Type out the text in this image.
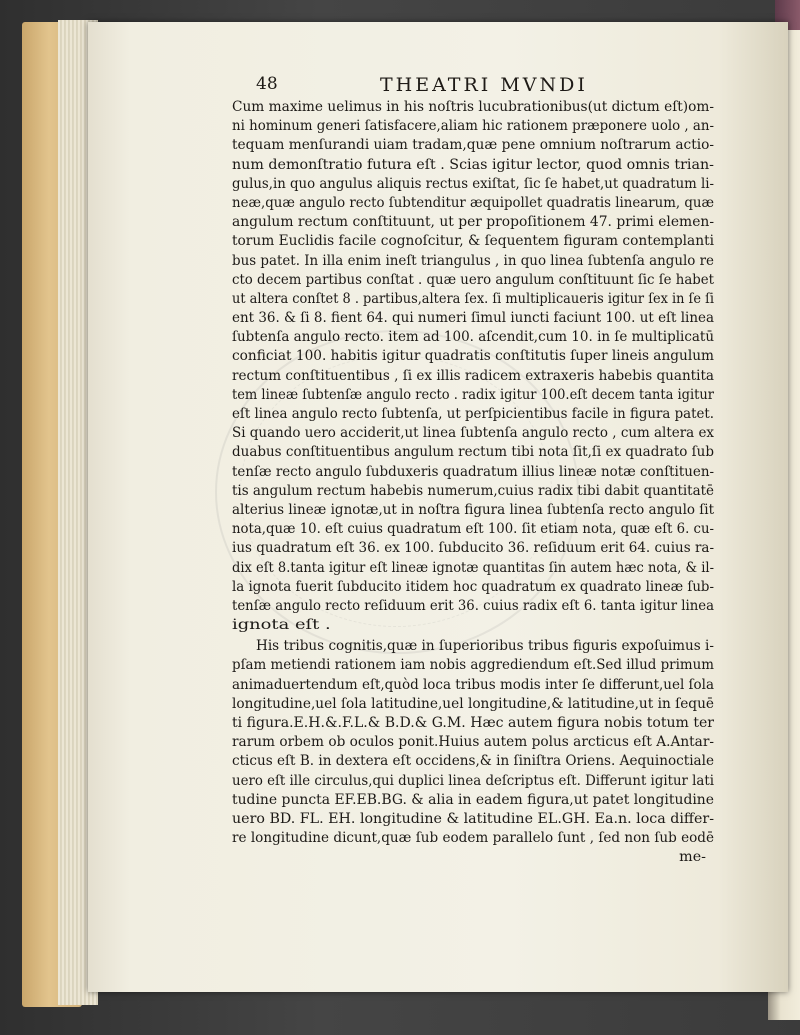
48	THEATRI MVNDI
Cum maxime uelimus in his noſtris lucubrationibus(ut dictum eſt)om-
ni hominum generi ſatisfacere,aliam hic rationem præponere uolo , an-
tequam menſurandi uiam tradam,quæ pene omnium noſtrarum actio-
num demonſtratio futura eſt . Scias igitur lector, quod omnis trian-
gulus,in quo angulus aliquis rectus exiſtat, ſic ſe habet,ut quadratum li-
neæ,quæ angulo recto ſubtenditur æquipollet quadratis linearum, quæ
angulum rectum conſtituunt, ut per propoſitionem 47. primi elemen-
torum Euclidis facile cognoſcitur, & ſequentem figuram contemplanti
bus patet. In illa enim ineſt triangulus , in quo linea ſubtenſa angulo re
cto decem partibus conſtat . quæ uero angulum conſtituunt ſic ſe habet
ut altera conſtet 8 . partibus,altera ſex. ſi multiplicaueris igitur ſex in ſe ſi
ent 36. & ſi 8. fient 64. qui numeri ſimul iuncti faciunt 100. ut eſt linea
ſubtenſa angulo recto. item ad 100. aſcendit,cum 10. in ſe multiplicatū
conficiat 100. habitis igitur quadratis conſtitutis ſuper lineis angulum
rectum conſtituentibus , ſi ex illis radicem extraxeris habebis quantita
tem lineæ ſubtenſæ angulo recto . radix igitur 100.eſt decem tanta igitur
eſt linea angulo recto ſubtenſa, ut perſpicientibus facile in figura patet.
Si quando uero acciderit,ut linea ſubtenſa angulo recto , cum altera ex
duabus conſtituentibus angulum rectum tibi nota ſit,ſi ex quadrato ſub
tenſæ recto angulo ſubduxeris quadratum illius lineæ notæ conſtituen-
tis angulum rectum habebis numerum,cuius radix tibi dabit quantitatē
alterius lineæ ignotæ,ut in noſtra figura linea ſubtenſa recto angulo ſit
nota,quæ 10. eſt cuius quadratum eſt 100. ſit etiam nota, quæ eſt 6. cu-
ius quadratum eſt 36. ex 100. ſubducito 36. reſiduum erit 64. cuius ra-
dix eſt 8.tanta igitur eſt lineæ ignotæ quantitas ſin autem hæc nota, & il-
la ignota fuerit ſubducito itidem hoc quadratum ex quadrato lineæ ſub-
tenſæ angulo recto reſiduum erit 36. cuius radix eſt 6. tanta igitur linea
ignota eſt .
His tribus cognitis,quæ in ſuperioribus tribus figuris expoſuimus i-
pſam metiendi rationem iam nobis aggrediendum eſt.Sed illud primum
animaduertendum eſt,quòd loca tribus modis inter ſe differunt,uel ſola
longitudine,uel ſola latitudine,uel longitudine,& latitudine,ut in ſequē
ti figura.E.H.&.F.L.& B.D.& G.M. Hæc autem figura nobis totum ter
rarum orbem ob oculos ponit.Huius autem polus arcticus eſt A.Antar-
cticus eſt B. in dextera eſt occidens,& in ſiniſtra Oriens. Aequinoctiale
uero eſt ille circulus,qui duplici linea deſcriptus eſt. Differunt igitur lati
tudine puncta EF.EB.BG. & alia in eadem figura,ut patet longitudine
uero BD. FL. EH. longitudine & latitudine EL.GH. Ea.n. loca differ-
re longitudine dicunt,quæ ſub eodem parallelo ſunt , ſed non ſub eodē
me-
